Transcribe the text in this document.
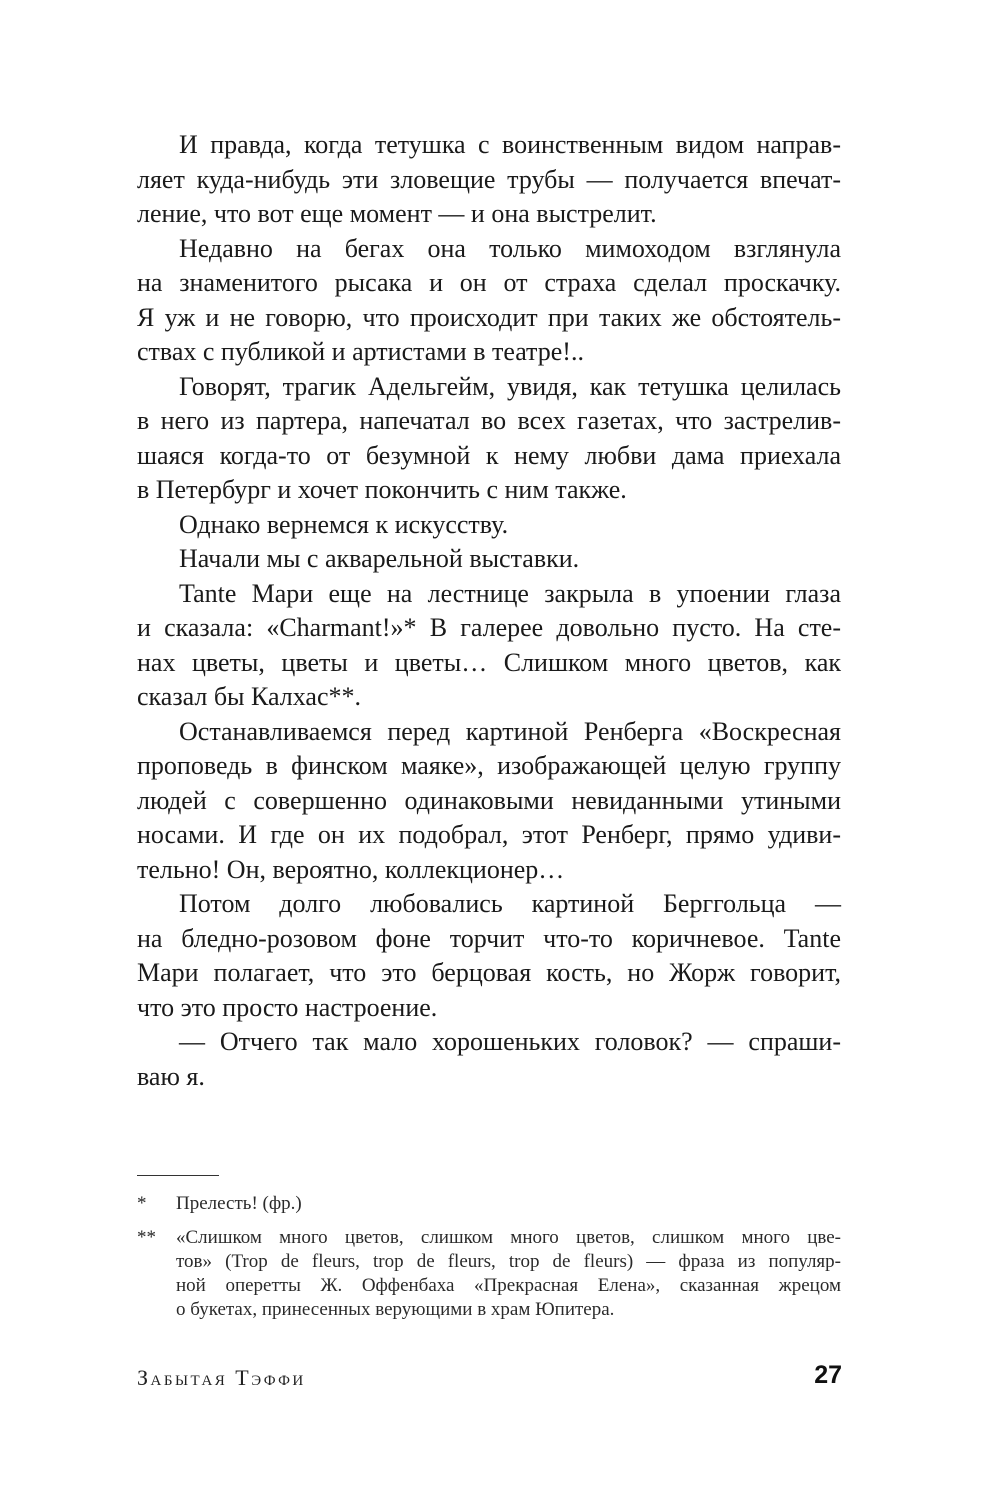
И правда, когда тетушка с воинственным видом направ-
ляет куда-нибудь эти зловещие трубы — получается впечат-
ление, что вот еще момент — и она выстрелит.
Недавно на бегах она только мимоходом взглянула
на знаменитого рысака и он от страха сделал проскачку.
Я уж и не говорю, что происходит при таких же обстоятель-
ствах с публикой и артистами в театре!..
Говорят, трагик Адельгейм, увидя, как тетушка целилась
в него из партера, напечатал во всех газетах, что застрелив-
шаяся когда-то от безумной к нему любви дама приехала
в Петербург и хочет покончить с ним также.
Однако вернемся к искусству.
Начали мы с акварельной выставки.
Tante Мари еще на лестнице закрыла в упоении глаза
и сказала: «Charmant!»* В галерее довольно пусто. На сте-
нах цветы, цветы и цветы… Слишком много цветов, как
сказал бы Калхас**.
Останавливаемся перед картиной Ренберга «Воскресная
проповедь в финском маяке», изображающей целую группу
людей с совершенно одинаковыми невиданными утиными
носами. И где он их подобрал, этот Ренберг, прямо удиви-
тельно! Он, вероятно, коллекционер…
Потом долго любовались картиной Берггольца —
на бледно-розовом фоне торчит что-то коричневое. Tante
Мари полагает, что это берцовая кость, но Жорж говорит,
что это просто настроение.
— Отчего так мало хорошеньких головок? — спраши-
ваю я.
* Прелесть! (фр.)
** «Слишком много цветов, слишком много цветов, слишком много цве-
тов» (Trop de fleurs, trop de fleurs, trop de fleurs) — фраза из популяр-
ной оперетты Ж. Оффенбаха «Прекрасная Елена», сказанная жрецом
о букетах, принесенных верующими в храм Юпитера.
Забытая Тэффи	27
